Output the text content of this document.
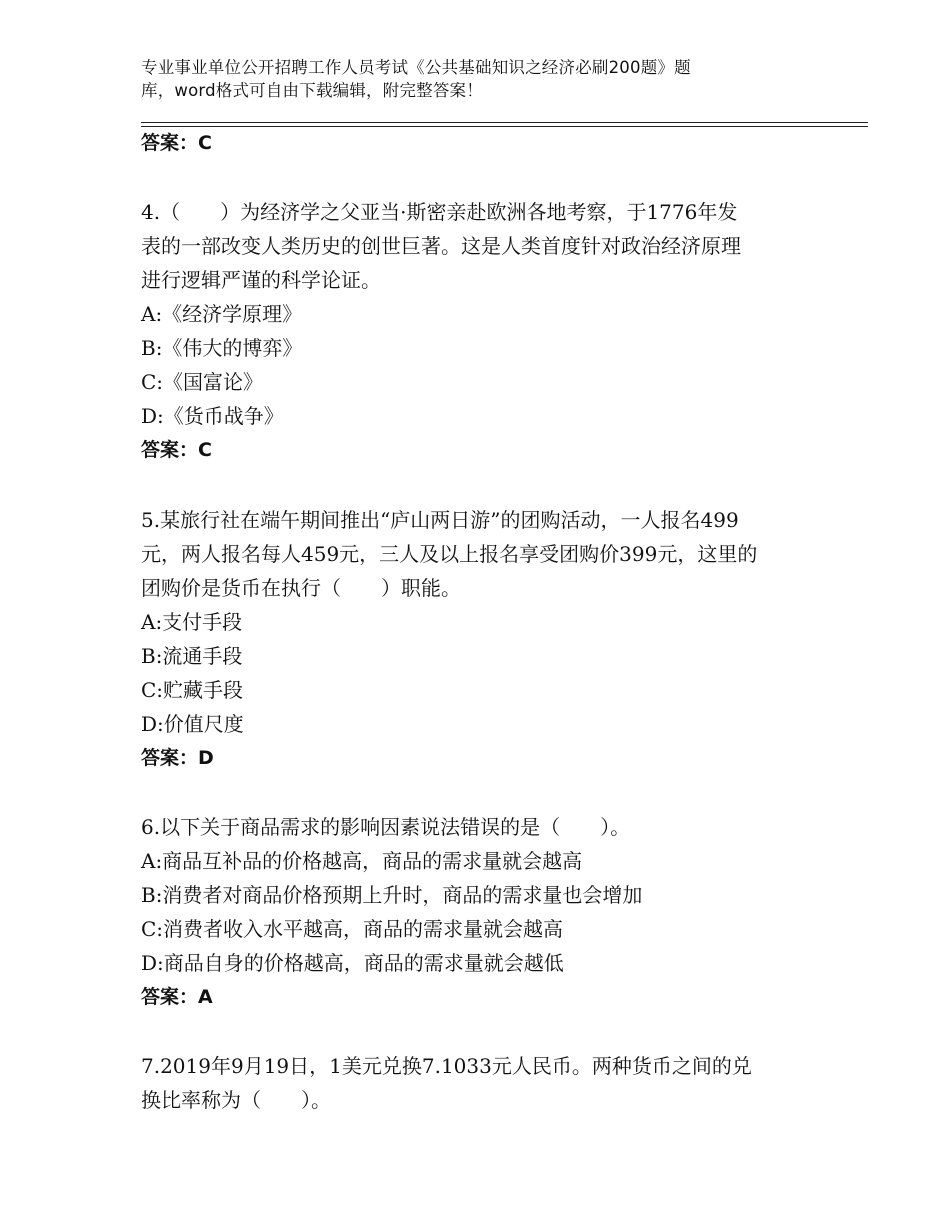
专业事业单位公开招聘工作人员考试《公共基础知识之经济必刷200题》题
库，word格式可自由下载编辑，附完整答案！
答案：C
4.（　　）为经济学之父亚当·斯密亲赴欧洲各地考察，于1776年发
表的一部改变人类历史的创世巨著。这是人类首度针对政治经济原理
进行逻辑严谨的科学论证。
A:《经济学原理》
B:《伟大的博弈》
C:《国富论》
D:《货币战争》
答案：C
5.某旅行社在端午期间推出“庐山两日游”的团购活动，一人报名499
元，两人报名每人459元，三人及以上报名享受团购价399元，这里的
团购价是货币在执行（　　）职能。
A:支付手段
B:流通手段
C:贮藏手段
D:价值尺度
答案：D
6.以下关于商品需求的影响因素说法错误的是（　　）。
A:商品互补品的价格越高，商品的需求量就会越高
B:消费者对商品价格预期上升时，商品的需求量也会增加
C:消费者收入水平越高，商品的需求量就会越高
D:商品自身的价格越高，商品的需求量就会越低
答案：A
7.2019年9月19日，1美元兑换7.1033元人民币。两种货币之间的兑
换比率称为（　　）。
